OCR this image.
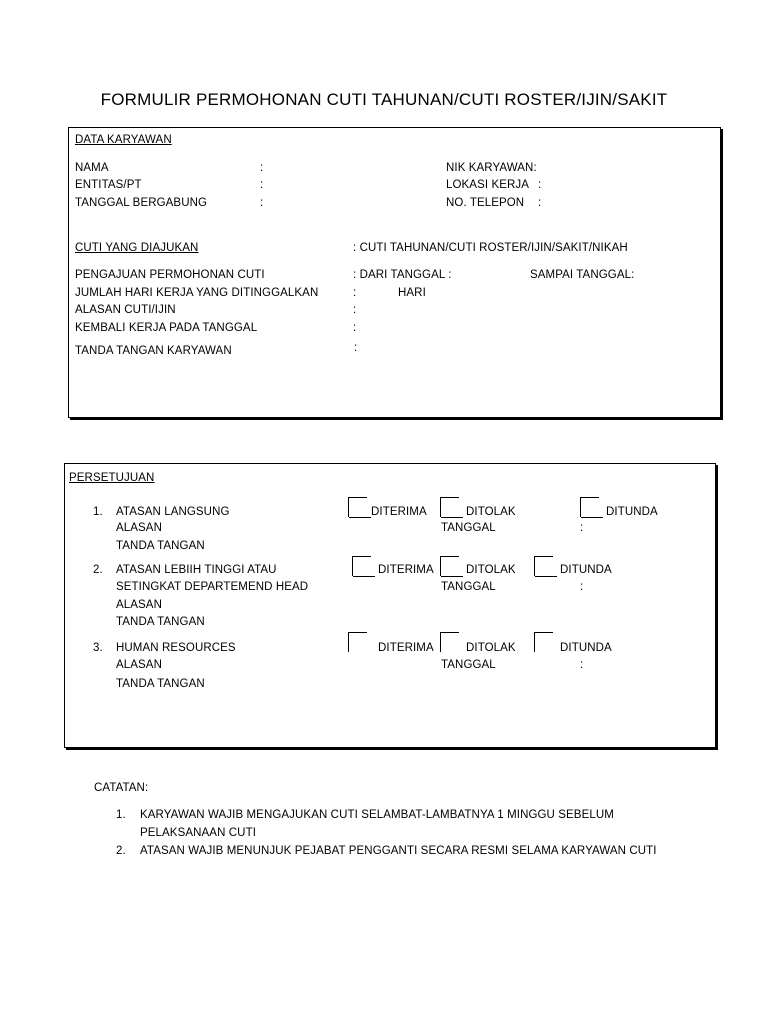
FORMULIR PERMOHONAN CUTI TAHUNAN/CUTI ROSTER/IJIN/SAKIT
DATA KARYAWAN
NAMA	:	NIK KARYAWAN:
ENTITAS/PT	:	LOKASI KERJA :
TANGGAL BERGABUNG	:	NO. TELEPON :
CUTI YANG DIAJUKAN	: CUTI TAHUNAN/CUTI ROSTER/IJIN/SAKIT/NIKAH
PENGAJUAN PERMOHONAN CUTI	: DARI TANGGAL :	SAMPAI TANGGAL:
JUMLAH HARI KERJA YANG DITINGGALKAN	:	HARI
ALASAN CUTI/IJIN	:
KEMBALI KERJA PADA TANGGAL	:
TANDA TANGAN KARYAWAN	:
PERSETUJUAN
1. ATASAN LANGSUNG	DITERIMA	DITOLAK	DITUNDA
ALASAN	TANGGAL	:
TANDA TANGAN
2. ATASAN LEBIIH TINGGI ATAU	DITERIMA	DITOLAK	DITUNDA
SETINGKAT DEPARTEMEND HEAD	TANGGAL	:
ALASAN
TANDA TANGAN
3. HUMAN RESOURCES	DITERIMA	DITOLAK	DITUNDA
ALASAN	TANGGAL	:
TANDA TANGAN
CATATAN:
1. KARYAWAN WAJIB MENGAJUKAN CUTI SELAMBAT-LAMBATNYA 1 MINGGU SEBELUM
PELAKSANAAN CUTI
2. ATASAN WAJIB MENUNJUK PEJABAT PENGGANTI SECARA RESMI SELAMA KARYAWAN CUTI
